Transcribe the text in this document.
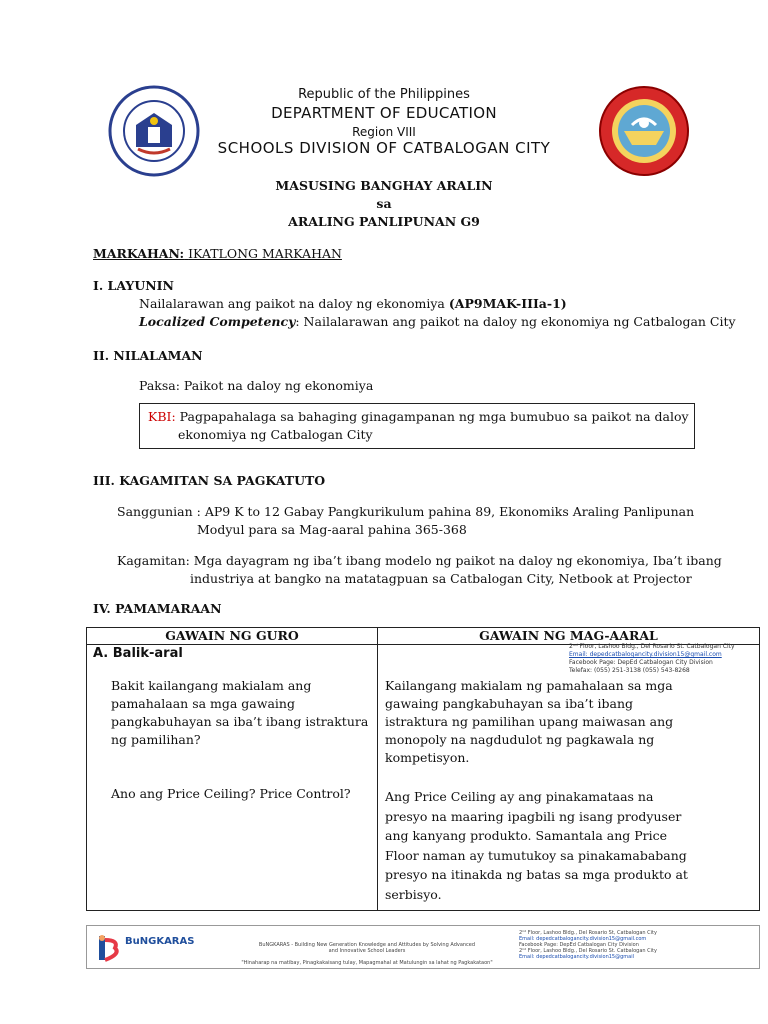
Republic of the Philippines
DEPARTMENT OF EDUCATION
Region VIII
SCHOOLS DIVISION OF CATBALOGAN CITY
MASUSING BANGHAY ARALIN
sa
ARALING PANLIPUNAN G9
MARKAHAN: IKATLONG MARKAHAN
I. LAYUNIN
Nailalarawan ang paikot na daloy ng ekonomiya (AP9MAK-IIIa-1)
Localized Competency: Nailalarawan ang paikot na daloy ng ekonomiya ng Catbalogan City
II. NILALAMAN
Paksa: Paikot na daloy ng ekonomiya
KBI: Pagpapahalaga sa bahaging ginagampanan ng mga bumubuo sa paikot na daloy
ekonomiya ng Catbalogan City
III. KAGAMITAN SA PAGKATUTO
Sanggunian : AP9 K to 12 Gabay Pangkurikulum pahina 89, Ekonomiks Araling Panlipunan
Modyul para sa Mag-aaral pahina 365-368
Kagamitan: Mga dayagram ng iba’t ibang modelo ng paikot na daloy ng ekonomiya, Iba’t ibang
industriya at bangko na matatagpuan sa Catbalogan City, Netbook at Projector
IV. PAMAMARAAN
GAWAIN NG GURO	GAWAIN NG MAG-AARAL
A. Balik-aral
Bakit kailangang makialam ang
pamahalaan sa mga gawaing
pangkabuhayan sa iba’t ibang istraktura
ng pamilihan?
Ano ang Price Ceiling? Price Control?
Kailangang makialam ng pamahalaan sa mga
gawaing pangkabuhayan sa iba’t ibang
istraktura ng pamilihan upang maiwasan ang
monopoly na nagdudulot ng pagkawala ng
kompetisyon.
Ang Price Ceiling ay ang pinakamataas na
presyo na maaring ipagbili ng isang prodyuser
ang kanyang produkto. Samantala ang Price
Floor naman ay tumutukoy sa pinakamababang
presyo na itinakda ng batas sa mga produkto at
serbisyo.
2ⁿᵈ Floor, Lashoo Bldg., Del Rosario St. Catbalogan City
Email: depedcatbalogancity.division15@gmail.com
Facebook Page: DepEd Catbalogan City Division
Telefax: (055) 251-3138 (055) 543-8268
BuNGKARAS	BuNGKARAS - Building New Generation Knowledge and Attitudes by Solving Advanced and Innovative School Leaders
"Hinaharap na matibay, Pinagkakaisang tulay, Mapagmahal at Matulungin sa lahat ng Pagkakataon"
2ⁿᵈ Floor, Lashoo Bldg., Del Rosario St, Catbalogan City
Email: depedcatbalogancity.division15@gmail.com
Facebook Page: DepEd Catbalogan City Division
2ⁿᵈ Floor, Lashoo Bldg., Del Rosario St. Catbalogan City
Email: depedcatbalogancity.division15@gmail
